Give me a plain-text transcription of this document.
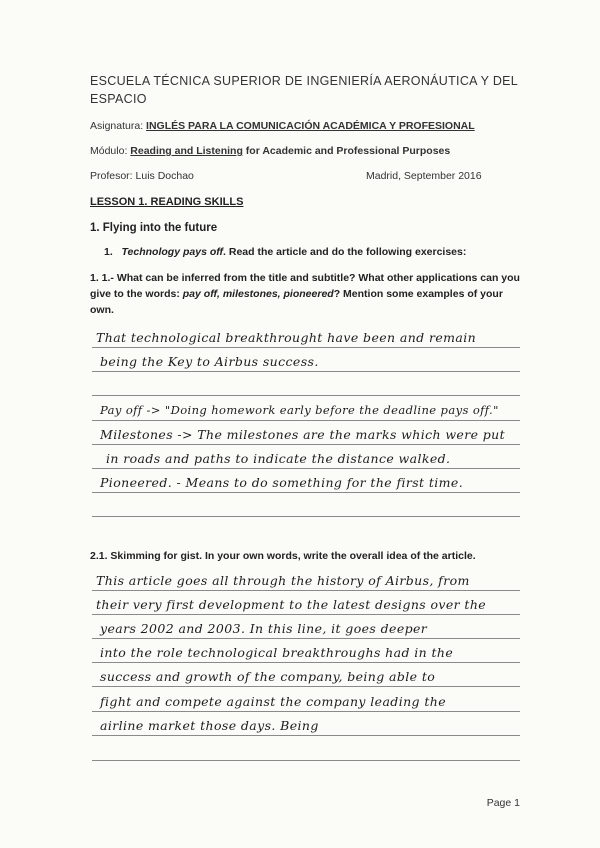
ESCUELA TÉCNICA SUPERIOR DE INGENIERÍA AERONÁUTICA Y DEL ESPACIO
Asignatura: INGLÉS PARA LA COMUNICACIÓN ACADÉMICA Y PROFESIONAL
Módulo: Reading and Listening for Academic and Professional Purposes
Profesor: Luis Dochao	Madrid, September 2016
LESSON 1. READING SKILLS
1. Flying into the future
1. Technology pays off. Read the article and do the following exercises:
1. 1.- What can be inferred from the title and subtitle? What other applications can you give to the words: pay off, milestones, pioneered? Mention some examples of your own.
That technological breakthrought have been and remain
being the Key to Airbus success.
Pay off -> "Doing homework early before the deadline pays off."
Milestones -> The milestones are the marks which were put
in roads and paths to indicate the distance walked.
Pioneered. - Means to do something for the first time.
2.1. Skimming for gist. In your own words, write the overall idea of the article.
This article goes all through the history of Airbus, from
their very first development to the latest designs over the
years 2002 and 2003. In this line, it goes deeper
into the role technological breakthroughs had in the
success and growth of the company, being able to
fight and compete against the company leading the
airline market those days. Being
Page 1
